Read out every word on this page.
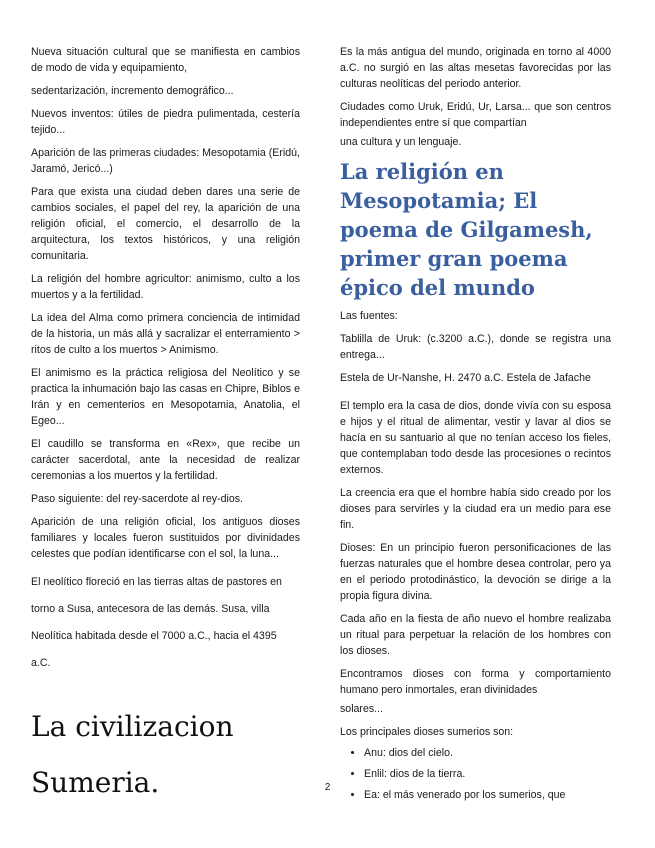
Nueva situación cultural que se manifiesta en cambios de modo de vida y equipamiento,

sedentarización, incremento demográfico...

Nuevos inventos: útiles de piedra pulimentada, cestería tejido...

Aparición de las primeras ciudades: Mesopotamia (Eridú, Jaramó, Jericó...)

Para que exista una ciudad deben dares una serie de cambios sociales, el papel del rey, la aparición de una religión oficial, el comercio, el desarrollo de la arquitectura, los textos históricos, y una religión comunitaria.

La religión del hombre agricultor: animismo, culto a los muertos y a la fertilidad.

La idea del Alma como primera conciencia de intimidad de la historia, un más allá y sacralizar el enterramiento > ritos de culto a los muertos > Animismo.

El animismo es la práctica religiosa del Neolítico y se practica la inhumación bajo las casas en Chipre, Biblos e Irán y en cementerios en Mesopotamia, Anatolia, el Egeo...

El caudillo se transforma en «Rex», que recibe un carácter sacerdotal, ante la necesidad de realizar ceremonias a los muertos y la fertilidad.

Paso siguiente: del rey-sacerdote al rey-dios.

Aparición de una religión oficial, los antiguos dioses familiares y locales fueron sustituidos por divinidades celestes que podían identificarse con el sol, la luna...

El neolítico floreció en las tierras altas de pastores en

torno a Susa, antecesora de las demás. Susa, villa

Neolítica habitada desde el 7000 a.C., hacia el 4395

a.C.

La civilizacion Sumeria.

Es la más antigua del mundo, originada en torno al 4000 a.C. no surgió en las altas mesetas favorecidas por las culturas neolíticas del periodo anterior.

Ciudades como Uruk, Eridú, Ur, Larsa... que son centros independientes entre sí que compartían

una cultura y un lenguaje.

La religión en Mesopotamia; El poema de Gilgamesh, primer gran poema épico del mundo

Las fuentes:

Tablilla de Uruk: (c.3200 a.C.), donde se registra una entrega...

Estela de Ur-Nanshe, H. 2470 a.C. Estela de Jafache

El templo era la casa de dios, donde vivía con su esposa e hijos y el ritual de alimentar, vestir y lavar al dios se hacía en su santuario al que no tenían acceso los fieles, que contemplaban todo desde las procesiones o recintos externos.

La creencia era que el hombre había sido creado por los dioses para servirles y la ciudad era un medio para ese fin.

Dioses: En un principio fueron personificaciones de las fuerzas naturales que el hombre desea controlar, pero ya en el periodo protodinástico, la devoción se dirige a la propia figura divina.

Cada año en la fiesta de año nuevo el hombre realizaba un ritual para perpetuar la relación de los hombres con los dioses.

Encontramos dioses con forma y comportamiento humano pero inmortales, eran divinidades

solares...

Los principales dioses sumerios son:

• Anu: dios del cielo.
• Enlil: dios de la tierra.
• Ea: el más venerado por los sumerios, que
2
